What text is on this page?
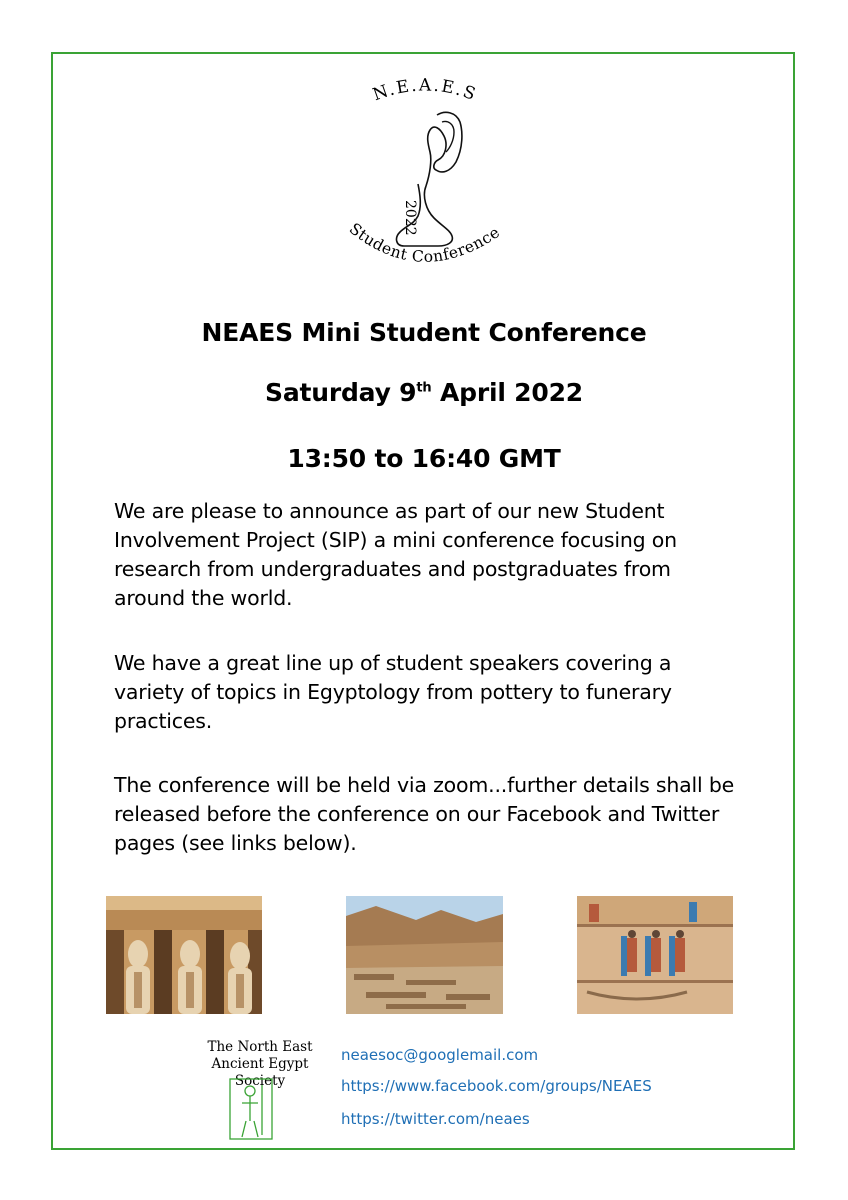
N.E.A.E.S
Student Conference
2022
NEAES Mini Student Conference
Saturday 9th April 2022
13:50 to 16:40 GMT
We are please to announce as part of our new Student Involvement Project (SIP) a mini conference focusing on research from undergraduates and postgraduates from around the world.
We have a great line up of student speakers covering a variety of topics in Egyptology from pottery to funerary practices.
The conference will be held via zoom...further details shall be released before the conference on our Facebook and Twitter pages (see links below).
The North East
Ancient Egypt Society
neaesoc@googlemail.com
https://www.facebook.com/groups/NEAES
https://twitter.com/neaes
